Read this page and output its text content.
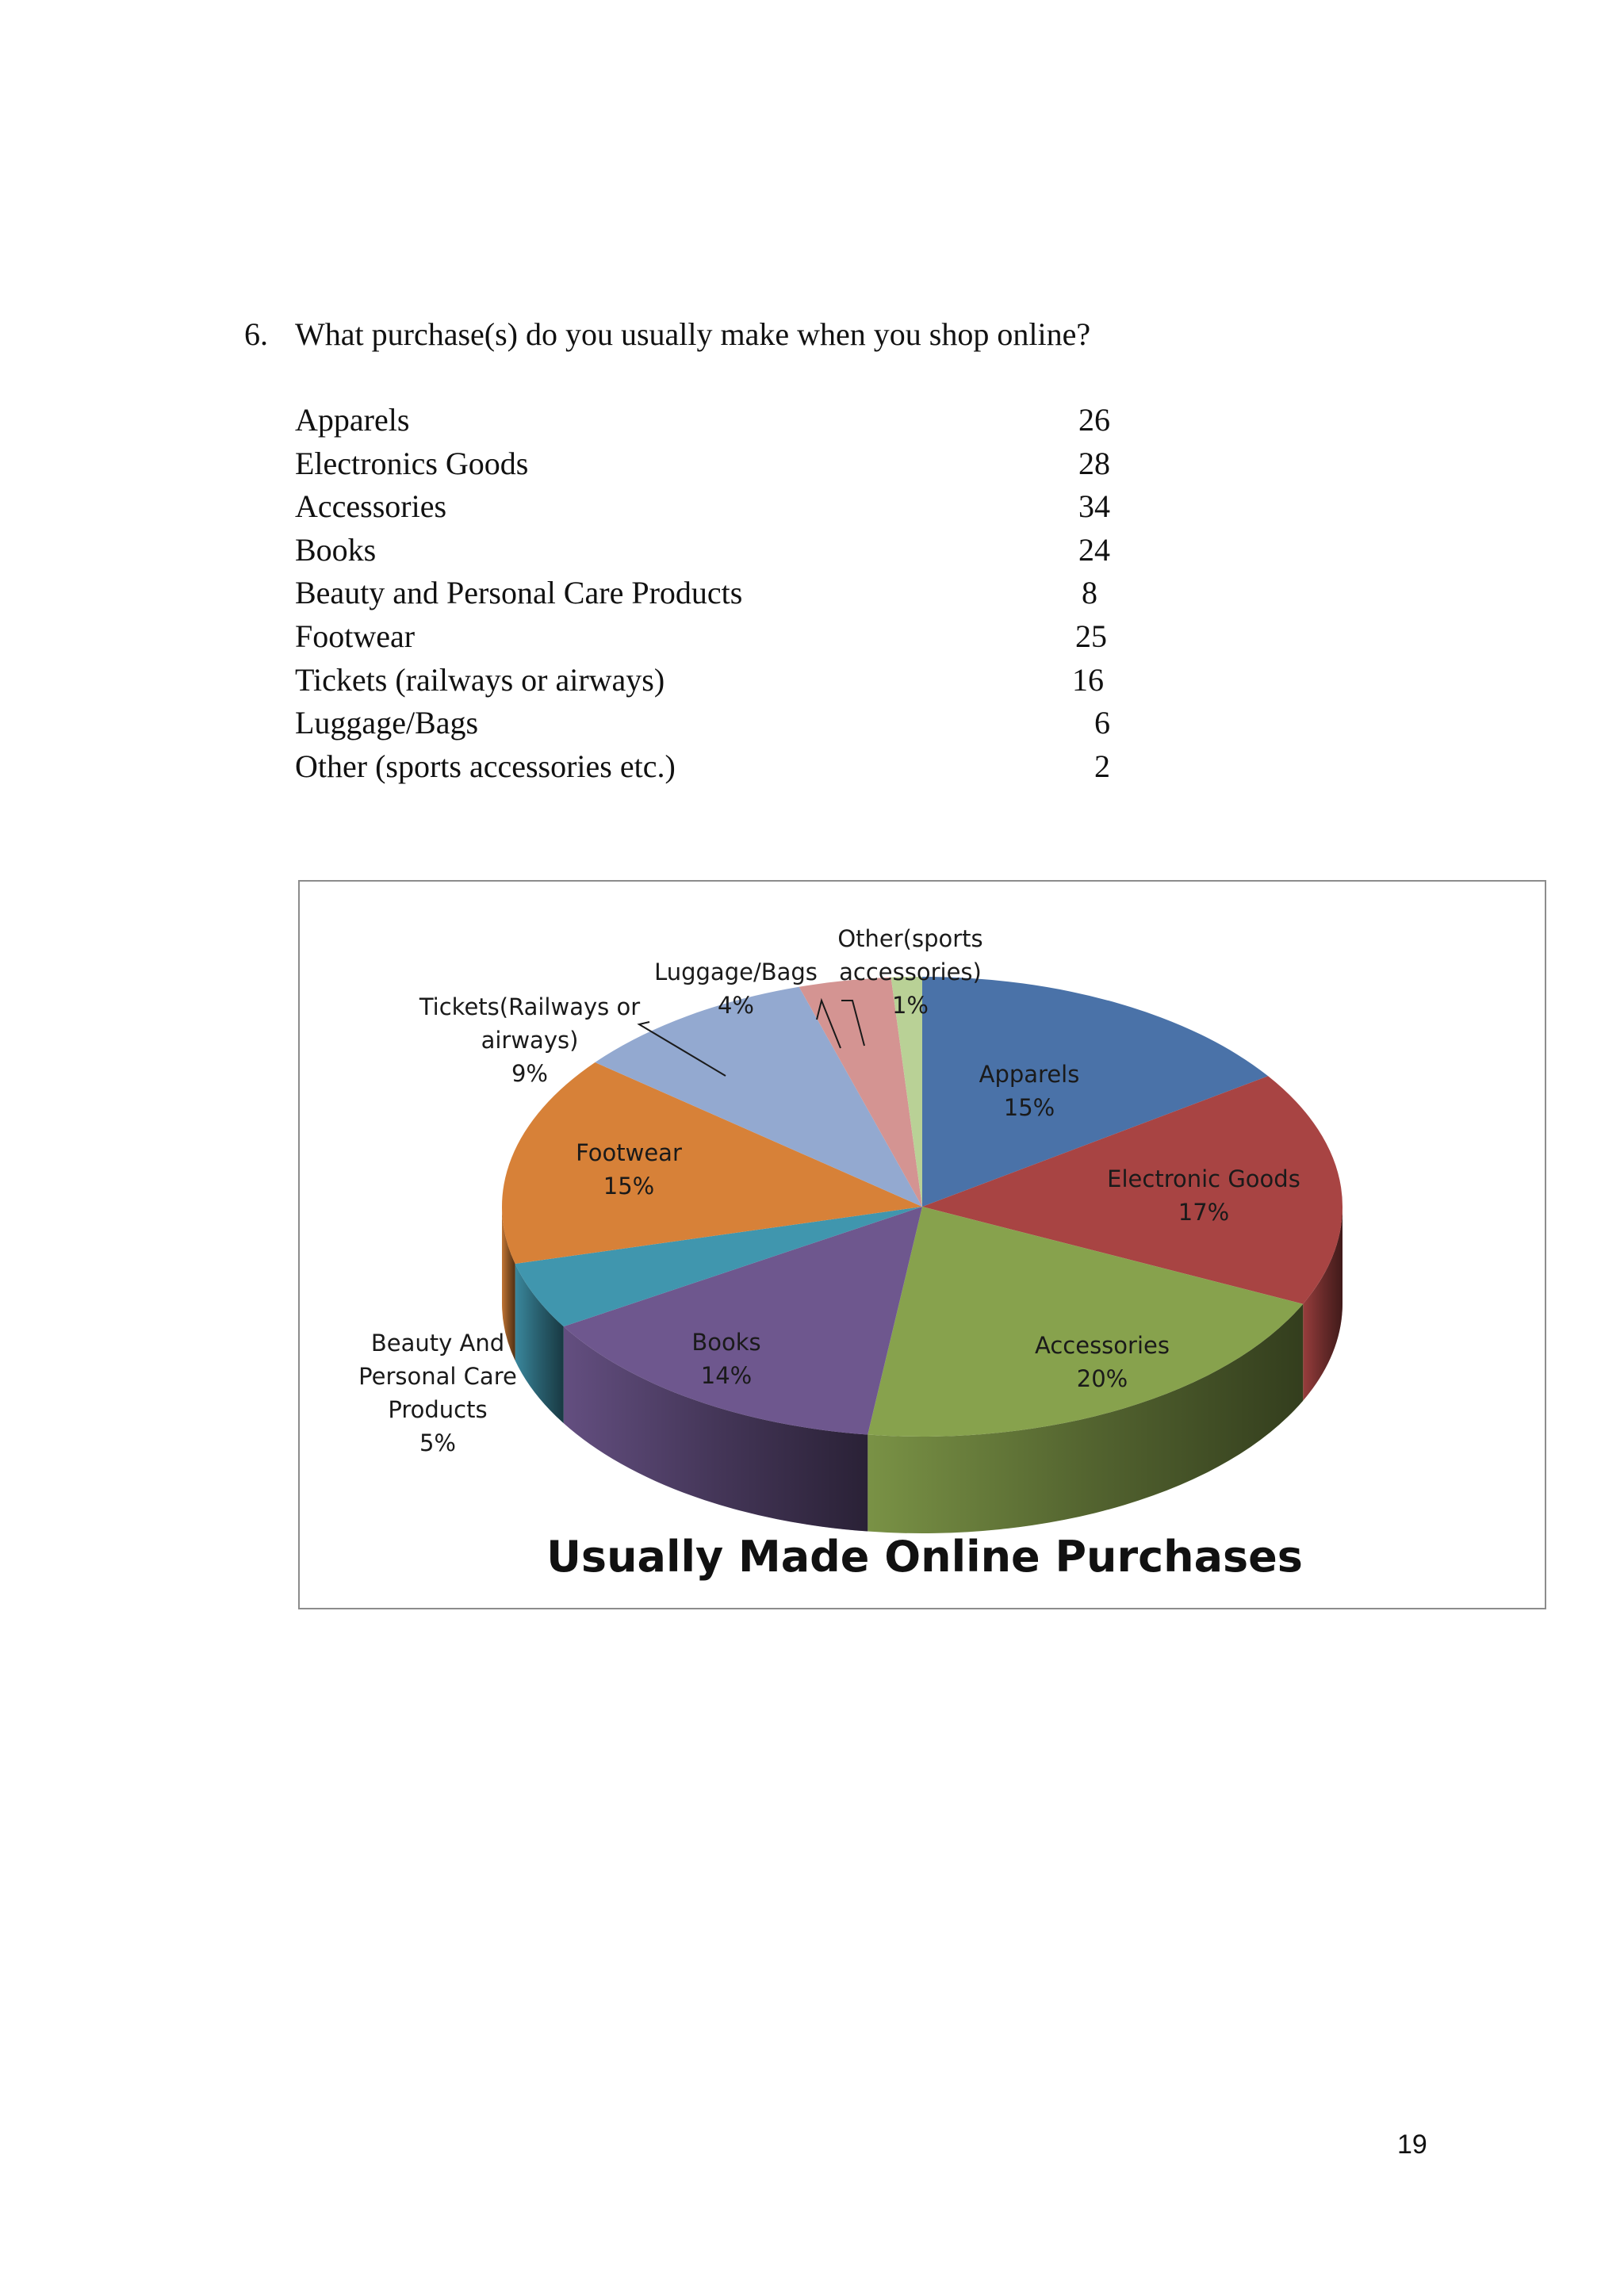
6. What purchase(s) do you usually make when you shop online?
Apparels	26
Electronics Goods	28
Accessories	34
Books	24
Beauty and Personal Care Products	8
Footwear	25
Tickets (railways or airways)	16
Luggage/Bags	6
Other (sports accessories etc.)	2
Apparels 15%
Electronic Goods 17%
Accessories 20%
Books 14%
Beauty And Personal Care Products 5%
Footwear 15%
Tickets(Railways or airways) 9%
Luggage/Bags 4%
Other(sports accessories) 1%
Usually Made Online Purchases
19
